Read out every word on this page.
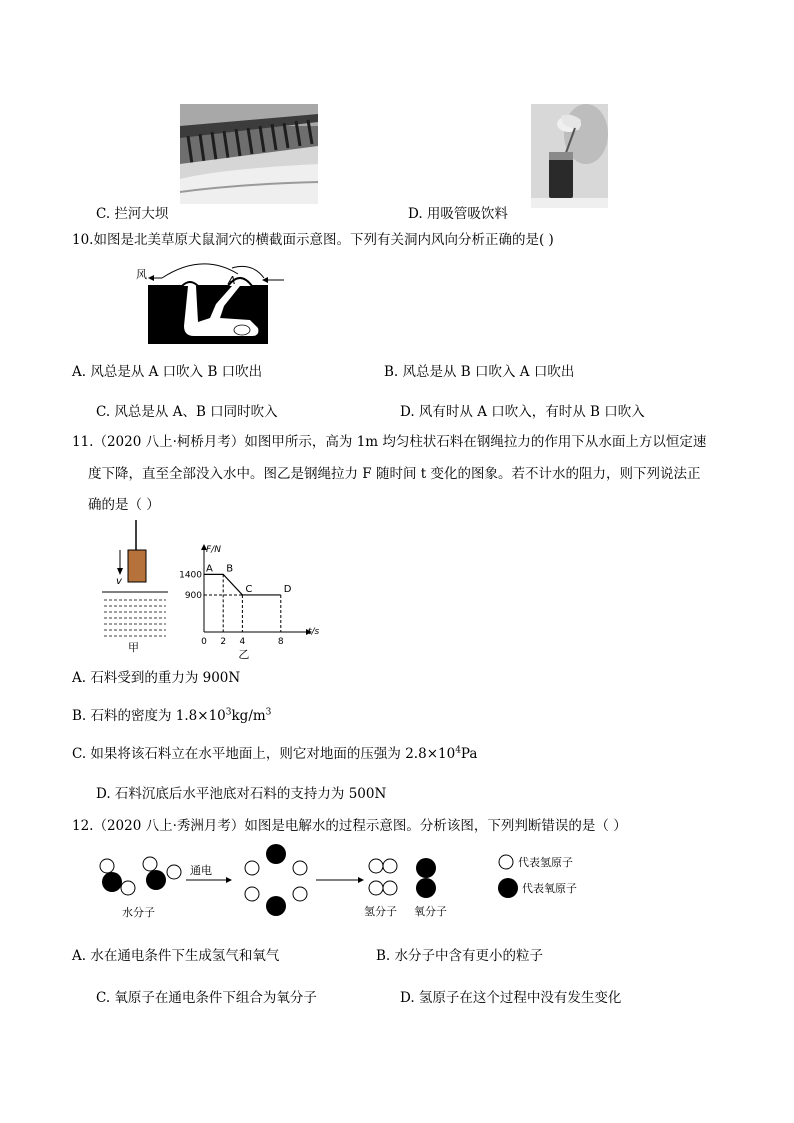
C. 拦河大坝	D. 用吸管吸饮料
10.如图是北美草原犬鼠洞穴的横截面示意图。下列有关洞内风向分析正确的是( )
风	A
B
A. 风总是从 A 口吹入 B 口吹出	B. 风总是从 B 口吹入 A 口吹出
C. 风总是从 A、B 口同时吹入	D. 风有时从 A 口吹入，有时从 B 口吹入
11.（2020 八上·柯桥月考）如图甲所示，高为 1m 均匀柱状石料在钢绳拉力的作用下从水面上方以恒定速
度下降，直至全部没入水中。图乙是钢绳拉力 F 随时间 t 变化的图象。若不计水的阻力，则下列说法正
确的是（ ）
v
甲
F/N
t/s
1400
900
0 2 4	8
A B
C	D
乙
A. 石料受到的重力为 900N
B. 石料的密度为 $1.8\times 10^3kg/m^3$
C. 如果将该石料立在水平地面上，则它对地面的压强为 $2.8\times 10^4Pa$
D. 石料沉底后水平池底对石料的支持力为 500N
12.（2020 八上·秀洲月考）如图是电解水的过程示意图。分析该图，下列判断错误的是（ ）
水分子
通电
氢分子 氧分子
代表氢原子
代表氧原子
A. 水在通电条件下生成氢气和氧气	B. 水分子中含有更小的粒子
C. 氧原子在通电条件下组合为氧分子	D. 氢原子在这个过程中没有发生变化
